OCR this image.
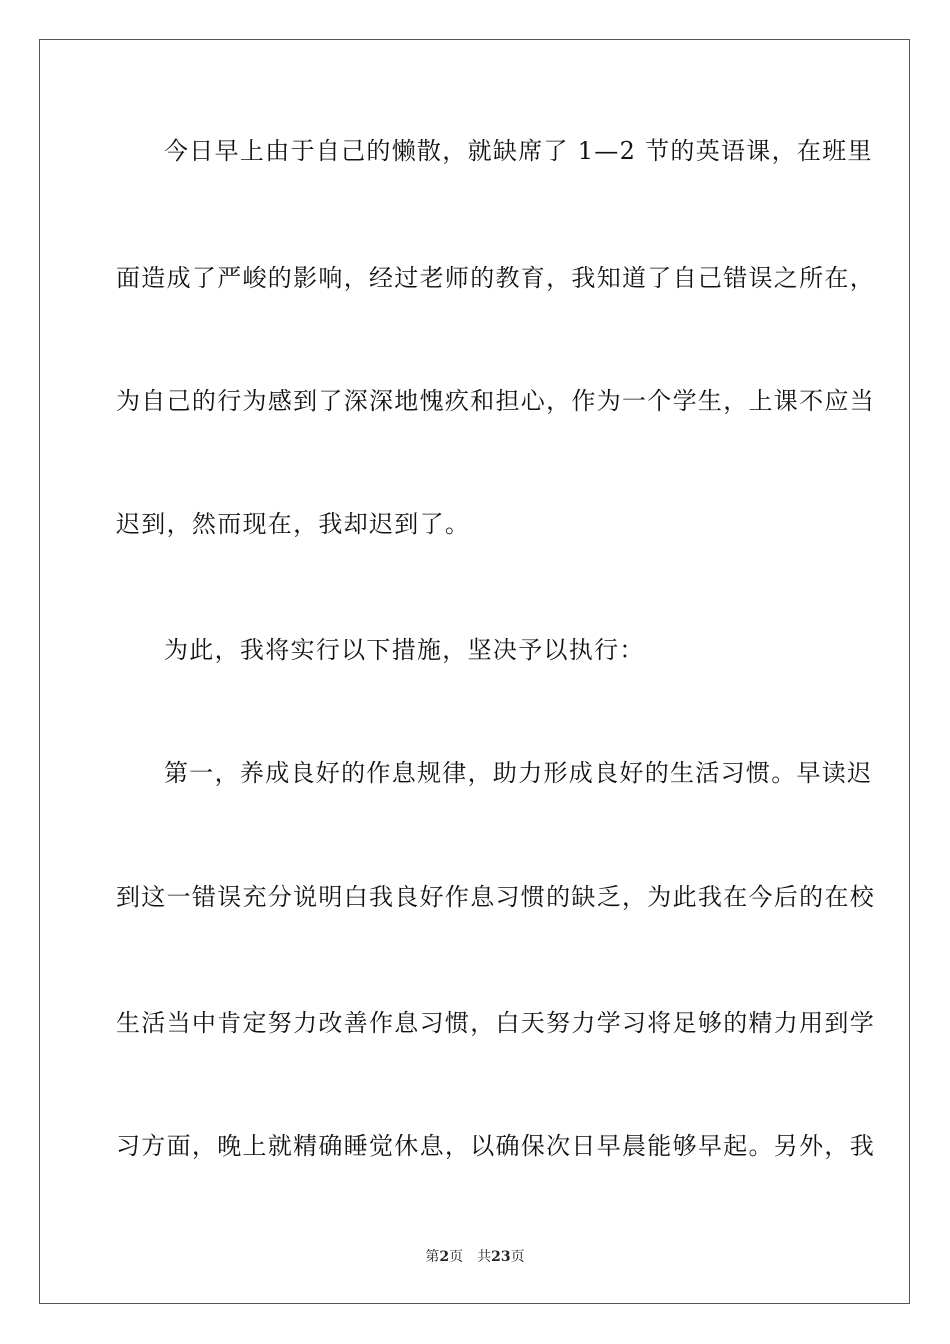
今日早上由于自己的懒散，就缺席了 1—2 节的英语课，在班里
面造成了严峻的影响，经过老师的教育，我知道了自己错误之所在，
为自己的行为感到了深深地愧疚和担心，作为一个学生，上课不应当
迟到，然而现在，我却迟到了。
为此，我将实行以下措施，坚决予以执行：
第一，养成良好的作息规律，助力形成良好的生活习惯。早读迟
到这一错误充分说明白我良好作息习惯的缺乏，为此我在今后的在校
生活当中肯定努力改善作息习惯，白天努力学习将足够的精力用到学
习方面，晚上就精确睡觉休息，以确保次日早晨能够早起。另外，我
第2页 共23页
